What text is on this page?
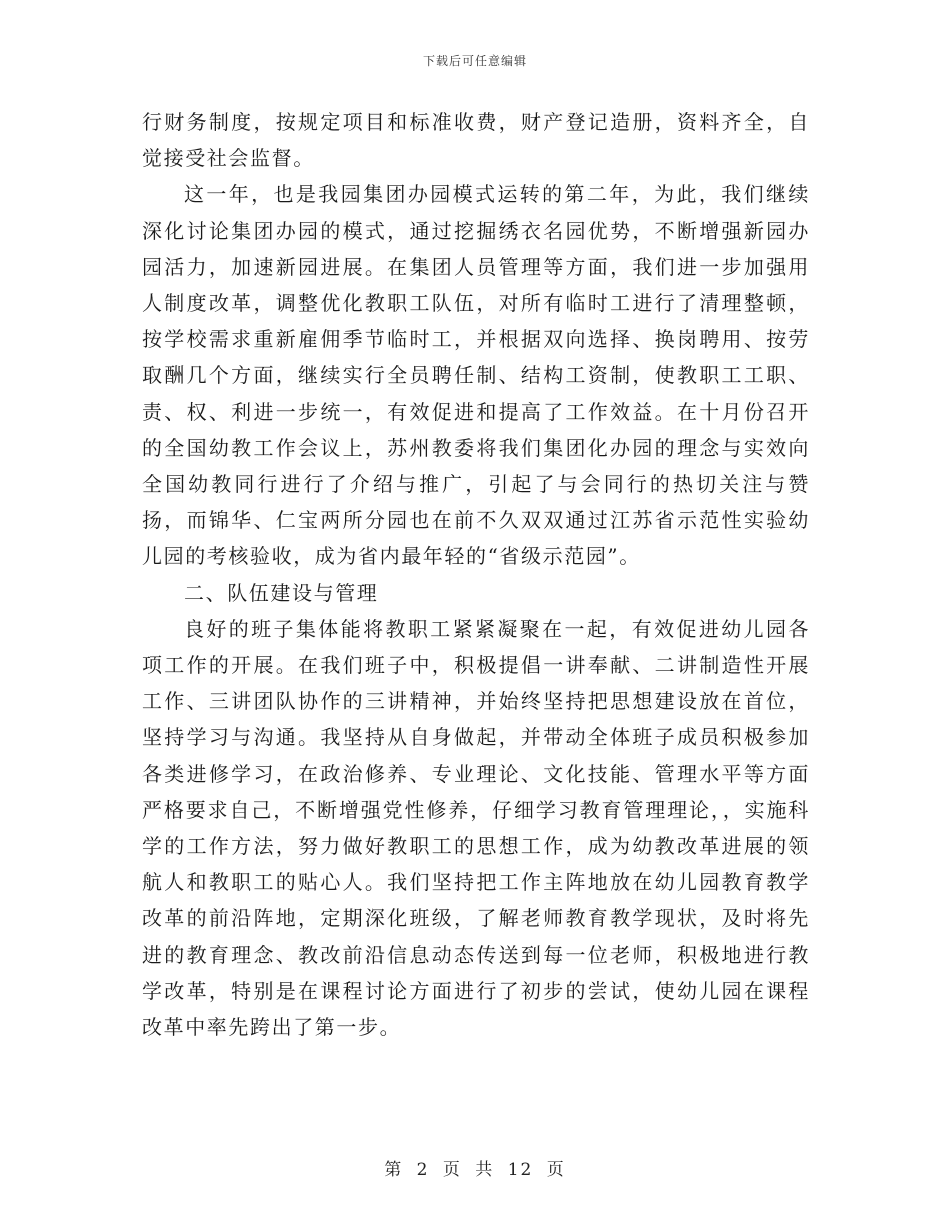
下载后可任意编辑

行财务制度，按规定项目和标准收费，财产登记造册，资料齐全，自觉接受社会监督。

这一年，也是我园集团办园模式运转的第二年，为此，我们继续深化讨论集团办园的模式，通过挖掘绣衣名园优势，不断增强新园办园活力，加速新园进展。在集团人员管理等方面，我们进一步加强用人制度改革，调整优化教职工队伍，对所有临时工进行了清理整顿，按学校需求重新雇佣季节临时工，并根据双向选择、换岗聘用、按劳取酬几个方面，继续实行全员聘任制、结构工资制，使教职工工职、责、权、利进一步统一，有效促进和提高了工作效益。在十月份召开的全国幼教工作会议上，苏州教委将我们集团化办园的理念与实效向全国幼教同行进行了介绍与推广，引起了与会同行的热切关注与赞扬，而锦华、仁宝两所分园也在前不久双双通过江苏省示范性实验幼儿园的考核验收，成为省内最年轻的“省级示范园”。

二、队伍建设与管理

良好的班子集体能将教职工紧紧凝聚在一起，有效促进幼儿园各项工作的开展。在我们班子中，积极提倡一讲奉献、二讲制造性开展工作、三讲团队协作的三讲精神，并始终坚持把思想建设放在首位，坚持学习与沟通。我坚持从自身做起，并带动全体班子成员积极参加各类进修学习，在政治修养、专业理论、文化技能、管理水平等方面严格要求自己，不断增强党性修养，仔细学习教育管理理论，，实施科学的工作方法，努力做好教职工的思想工作，成为幼教改革进展的领航人和教职工的贴心人。我们坚持把工作主阵地放在幼儿园教育教学改革的前沿阵地，定期深化班级，了解老师教育教学现状，及时将先进的教育理念、教改前沿信息动态传送到每一位老师，积极地进行教学改革，特别是在课程讨论方面进行了初步的尝试，使幼儿园在课程改革中率先跨出了第一步。

第 2 页 共 12 页
